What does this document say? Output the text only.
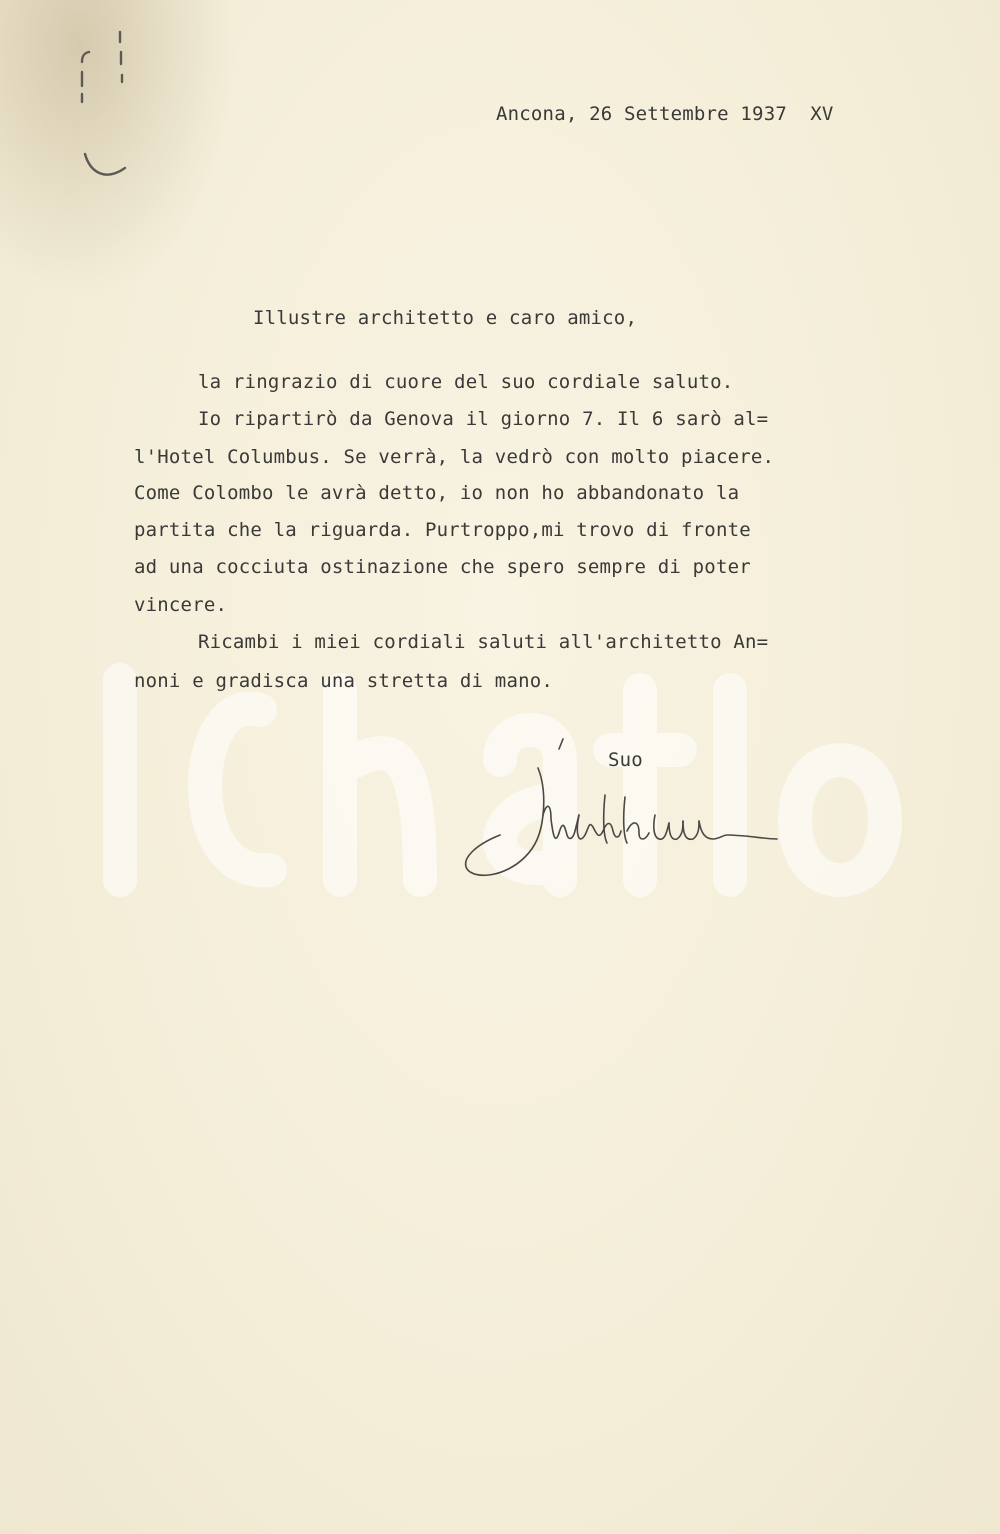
Ancona, 26 Settembre 1937  XV

Illustre architetto e caro amico,

la ringrazio di cuore del suo cordiale saluto.

Io ripartirò da Genova il giorno 7. Il 6 sarò al=

l'Hotel Columbus. Se verrà, la vedrò con molto piacere.

Come Colombo le avrà detto, io non ho abbandonato la

partita che la riguarda. Purtroppo,mi trovo di fronte

ad una cocciuta ostinazione che spero sempre di poter

vincere.

Ricambi i miei cordiali saluti all'architetto An=

noni e gradisca una stretta di mano.

Suo
